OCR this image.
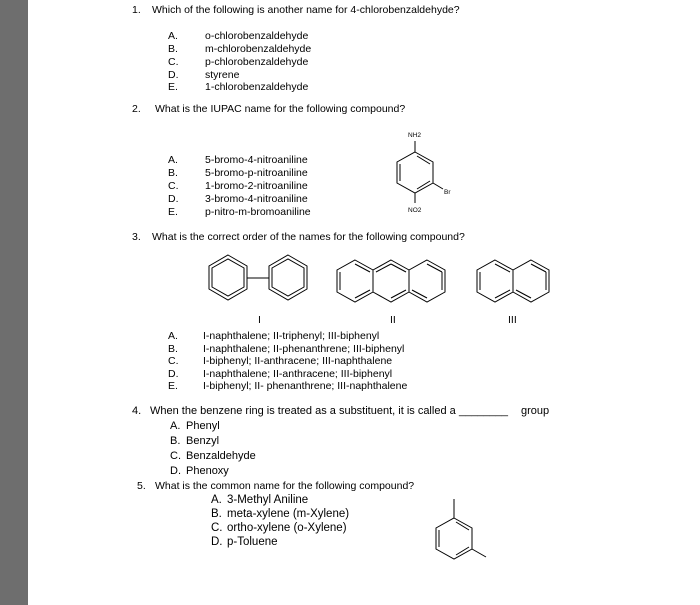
1. Which of the following is another name for 4-chlorobenzaldehyde?
A.	o-chlorobenzaldehyde
B.	m-chlorobenzaldehyde
C.	p-chlorobenzaldehyde
D.	styrene
E.	1-chlorobenzaldehyde
2. What is the IUPAC name for the following compound?
A.	5-bromo-4-nitroaniline
B.	5-bromo-p-nitroaniline
C.	1-bromo-2-nitroaniline
D.	3-bromo-4-nitroaniline
E.	p-nitro-m-bromoaniline
NH2
Br
NO2
3. What is the correct order of the names for the following compound?
I	II	III
A. I-naphthalene; II-triphenyl; III-biphenyl
B. I-naphthalene; II-phenanthrene; III-biphenyl
C. I-biphenyl; II-anthracene; III-naphthalene
D. I-naphthalene; II-anthracene; III-biphenyl
E. I-biphenyl; II- phenanthrene; III-naphthalene
4. When the benzene ring is treated as a substituent, it is called a ________ group
A. Phenyl
B. Benzyl
C. Benzaldehyde
D. Phenoxy
5. What is the common name for the following compound?
A. 3-Methyl Aniline
B. meta-xylene (m-Xylene)
C. ortho-xylene (o-Xylene)
D. p-Toluene
